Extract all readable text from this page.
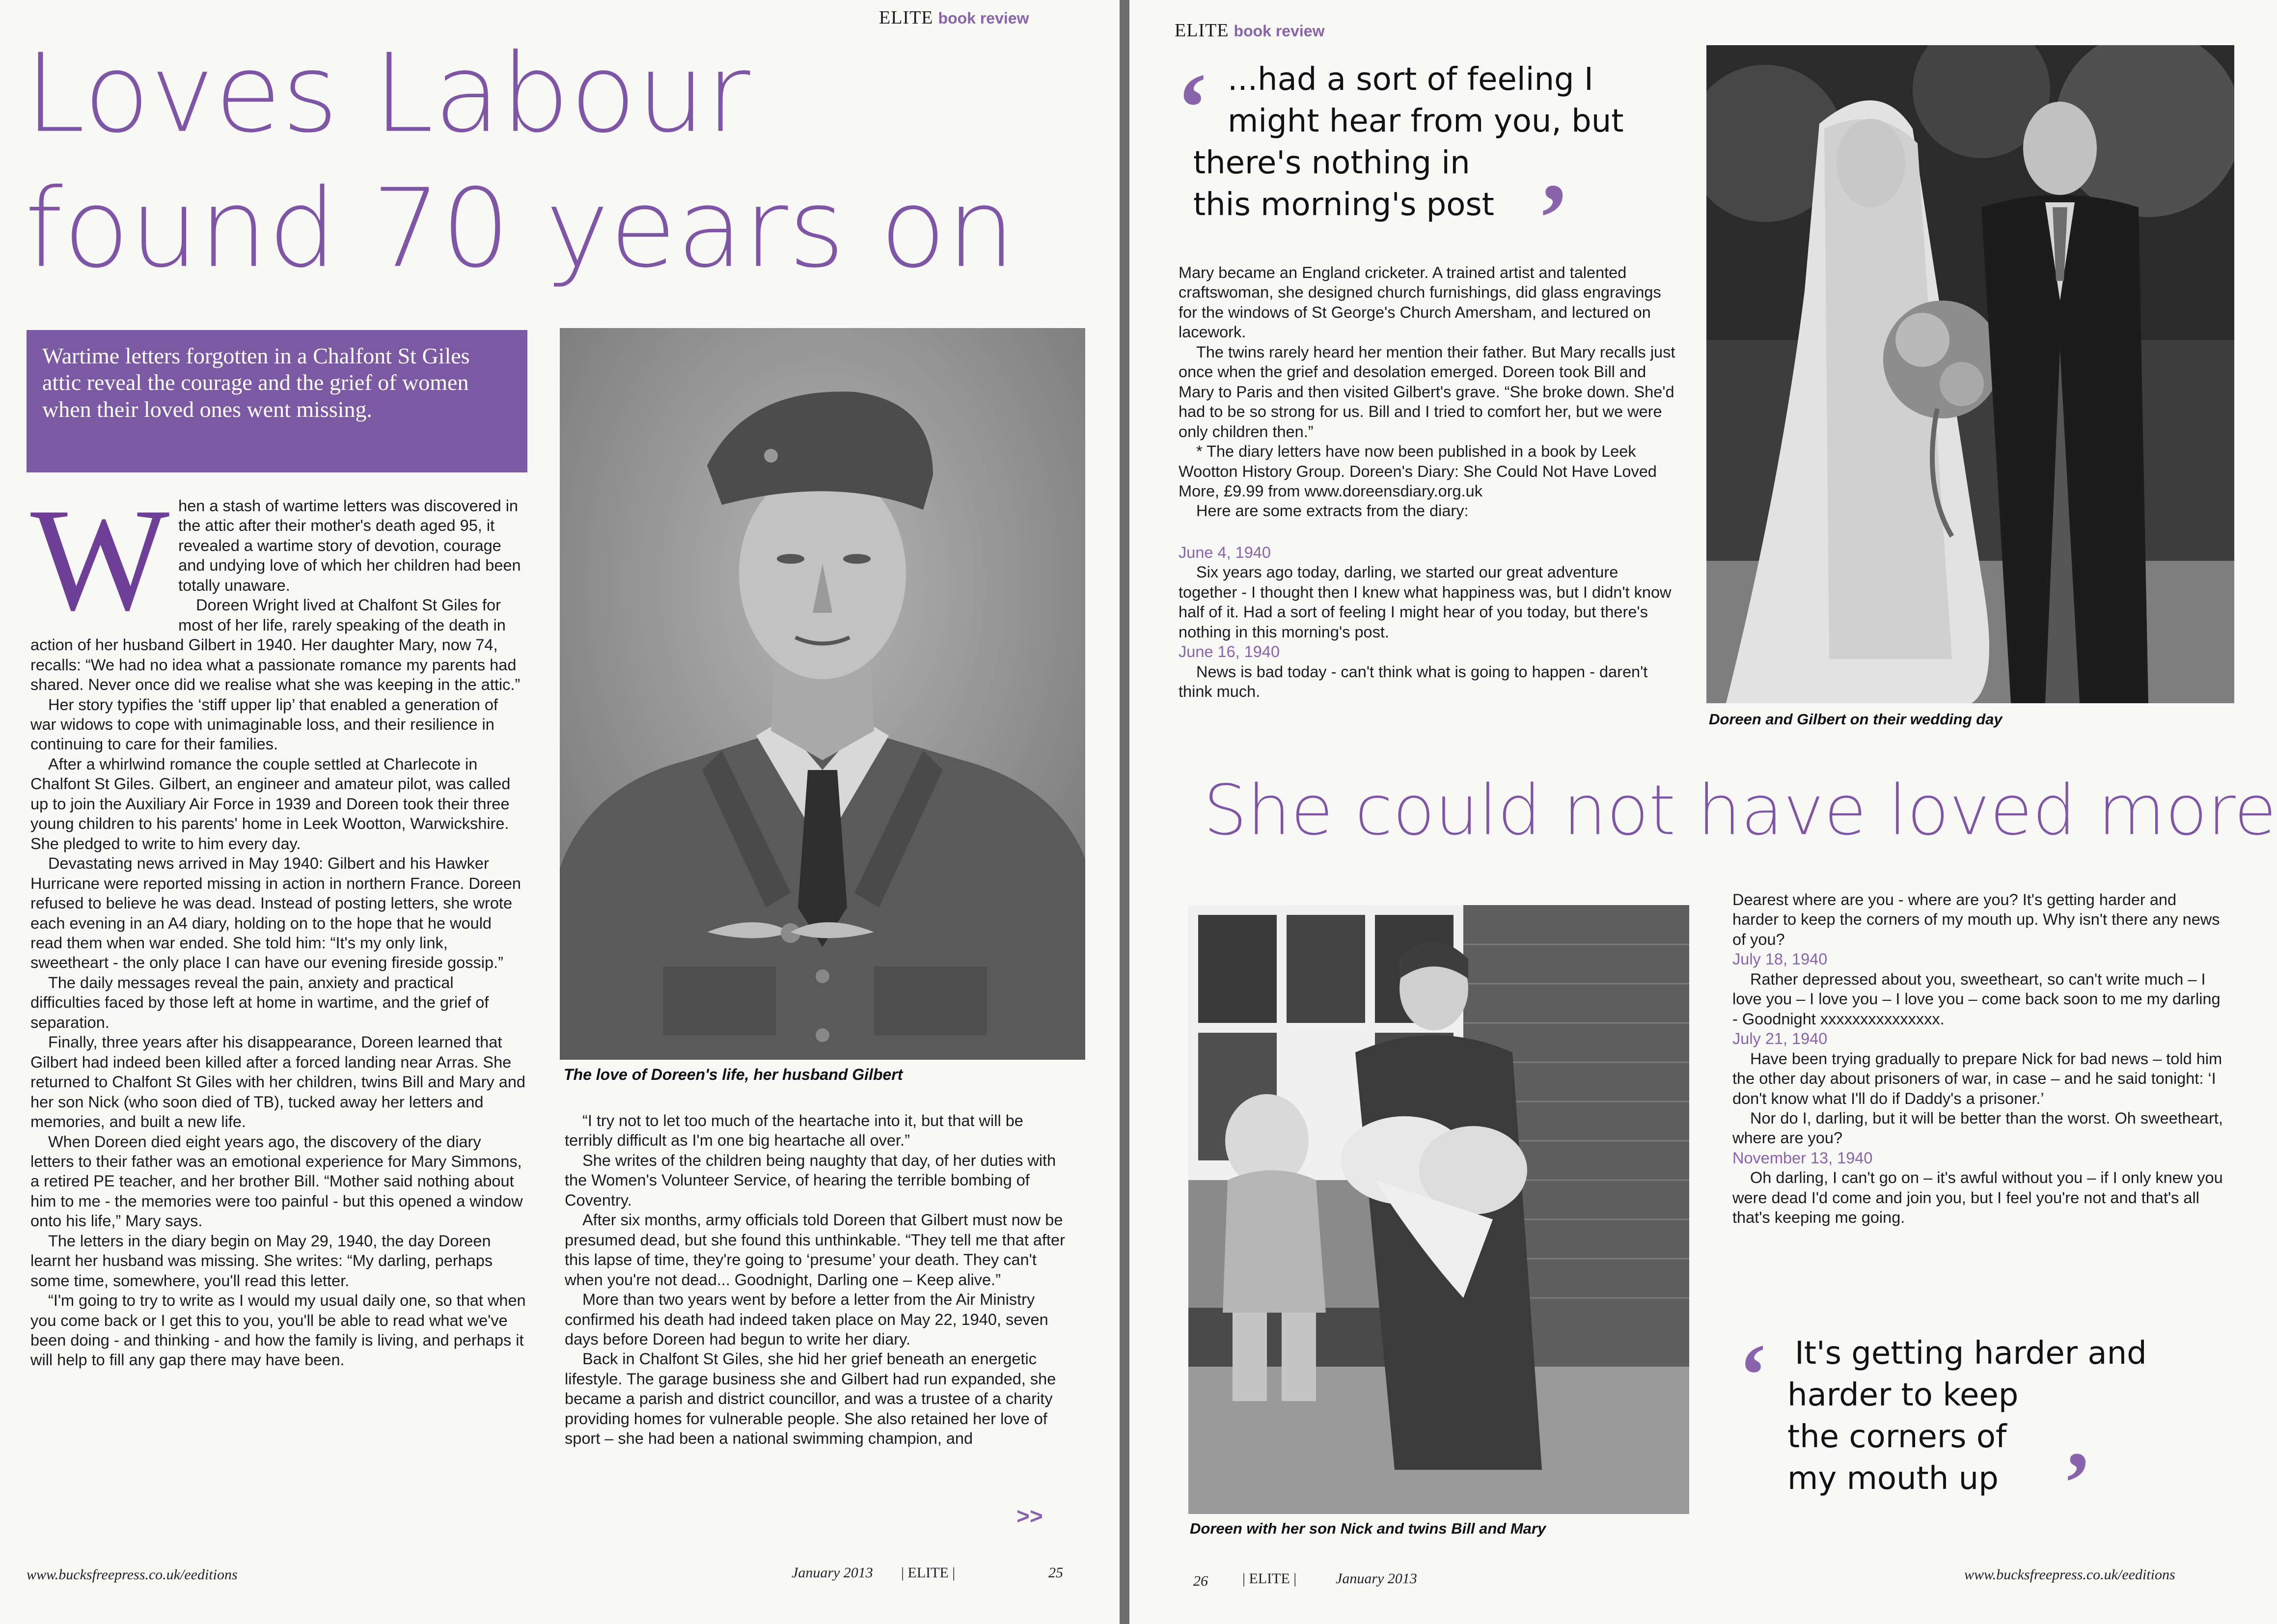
ELITE book review
Loves Labour
found 70 years on
Wartime letters forgotten in a Chalfont St Giles attic reveal the courage and the grief of women when their loved ones went missing.
W hen a stash of wartime letters was discovered in the attic after their mother's death aged 95, it revealed a wartime story of devotion, courage and undying love of which her children had been totally unaware.

Doreen Wright lived at Chalfont St Giles for most of her life, rarely speaking of the death in action of her husband Gilbert in 1940. Her daughter Mary, now 74, recalls: “We had no idea what a passionate romance my parents had shared. Never once did we realise what she was keeping in the attic.”

Her story typifies the ‘stiff upper lip’ that enabled a generation of war widows to cope with unimaginable loss, and their resilience in continuing to care for their families.

After a whirlwind romance the couple settled at Charlecote in Chalfont St Giles. Gilbert, an engineer and amateur pilot, was called up to join the Auxiliary Air Force in 1939 and Doreen took their three young children to his parents' home in Leek Wootton, Warwickshire. She pledged to write to him every day.

Devastating news arrived in May 1940: Gilbert and his Hawker Hurricane were reported missing in action in northern France. Doreen refused to believe he was dead. Instead of posting letters, she wrote each evening in an A4 diary, holding on to the hope that he would read them when war ended. She told him: “It's my only link, sweetheart - the only place I can have our evening fireside gossip.”

The daily messages reveal the pain, anxiety and practical difficulties faced by those left at home in wartime, and the grief of separation.

Finally, three years after his disappearance, Doreen learned that Gilbert had indeed been killed after a forced landing near Arras. She returned to Chalfont St Giles with her children, twins Bill and Mary and her son Nick (who soon died of TB), tucked away her letters and memories, and built a new life.

When Doreen died eight years ago, the discovery of the diary letters to their father was an emotional experience for Mary Simmons, a retired PE teacher, and her brother Bill. “Mother said nothing about him to me - the memories were too painful - but this opened a window onto his life,” Mary says.

The letters in the diary begin on May 29, 1940, the day Doreen learnt her husband was missing. She writes: “My darling, perhaps some time, somewhere, you'll read this letter.

“I'm going to try to write as I would my usual daily one, so that when you come back or I get this to you, you'll be able to read what we've been doing - and thinking - and how the family is living, and perhaps it will help to fill any gap there may have been.

The love of Doreen's life, her husband Gilbert

“I try not to let too much of the heartache into it, but that will be terribly difficult as I'm one big heartache all over.”

She writes of the children being naughty that day, of her duties with the Women's Volunteer Service, of hearing the terrible bombing of Coventry.

After six months, army officials told Doreen that Gilbert must now be presumed dead, but she found this unthinkable. “They tell me that after this lapse of time, they're going to ‘presume’ your death. They can't when you're not dead... Goodnight, Darling one – Keep alive.”

More than two years went by before a letter from the Air Ministry confirmed his death had indeed taken place on May 22, 1940, seven days before Doreen had begun to write her diary.

Back in Chalfont St Giles, she hid her grief beneath an energetic lifestyle. The garage business she and Gilbert had run expanded, she became a parish and district councillor, and was a trustee of a charity providing homes for vulnerable people. She also retained her love of sport – she had been a national swimming champion, and

>>
www.bucksfreepress.co.uk/eeditions	January 2013 | ELITE |	25
ELITE book review
‘ ...had a sort of feeling I
might hear from you, but
there's nothing in
this morning's post ’

Mary became an England cricketer. A trained artist and talented craftswoman, she designed church furnishings, did glass engravings for the windows of St George's Church Amersham, and lectured on lacework.

The twins rarely heard her mention their father. But Mary recalls just once when the grief and desolation emerged. Doreen took Bill and Mary to Paris and then visited Gilbert's grave. “She broke down. She'd had to be so strong for us. Bill and I tried to comfort her, but we were only children then.”

* The diary letters have now been published in a book by Leek Wootton History Group. Doreen's Diary: She Could Not Have Loved More, £9.99 from www.doreensdiary.org.uk

Here are some extracts from the diary:

June 4, 1940

Six years ago today, darling, we started our great adventure together - I thought then I knew what happiness was, but I didn't know half of it. Had a sort of feeling I might hear of you today, but there's nothing in this morning's post.

June 16, 1940

News is bad today - can't think what is going to happen - daren't think much.

Doreen and Gilbert on their wedding day
She could not have loved more
Doreen with her son Nick and twins Bill and Mary

Dearest where are you - where are you? It's getting harder and harder to keep the corners of my mouth up. Why isn't there any news of you?

July 18, 1940

Rather depressed about you, sweetheart, so can't write much – I love you – I love you – I love you – come back soon to me my darling - Goodnight xxxxxxxxxxxxxxx.

July 21, 1940

Have been trying gradually to prepare Nick for bad news – told him the other day about prisoners of war, in case – and he said tonight: ‘I don't know what I'll do if Daddy's a prisoner.’

Nor do I, darling, but it will be better than the worst. Oh sweetheart, where are you?

November 13, 1940

Oh darling, I can't go on – it's awful without you – if I only knew you were dead I'd come and join you, but I feel you're not and that's all that's keeping me going.

‘ It's getting harder and
harder to keep
the corners of
my mouth up ’
26 | ELITE |	January 2013	www.bucksfreepress.co.uk/eeditions
